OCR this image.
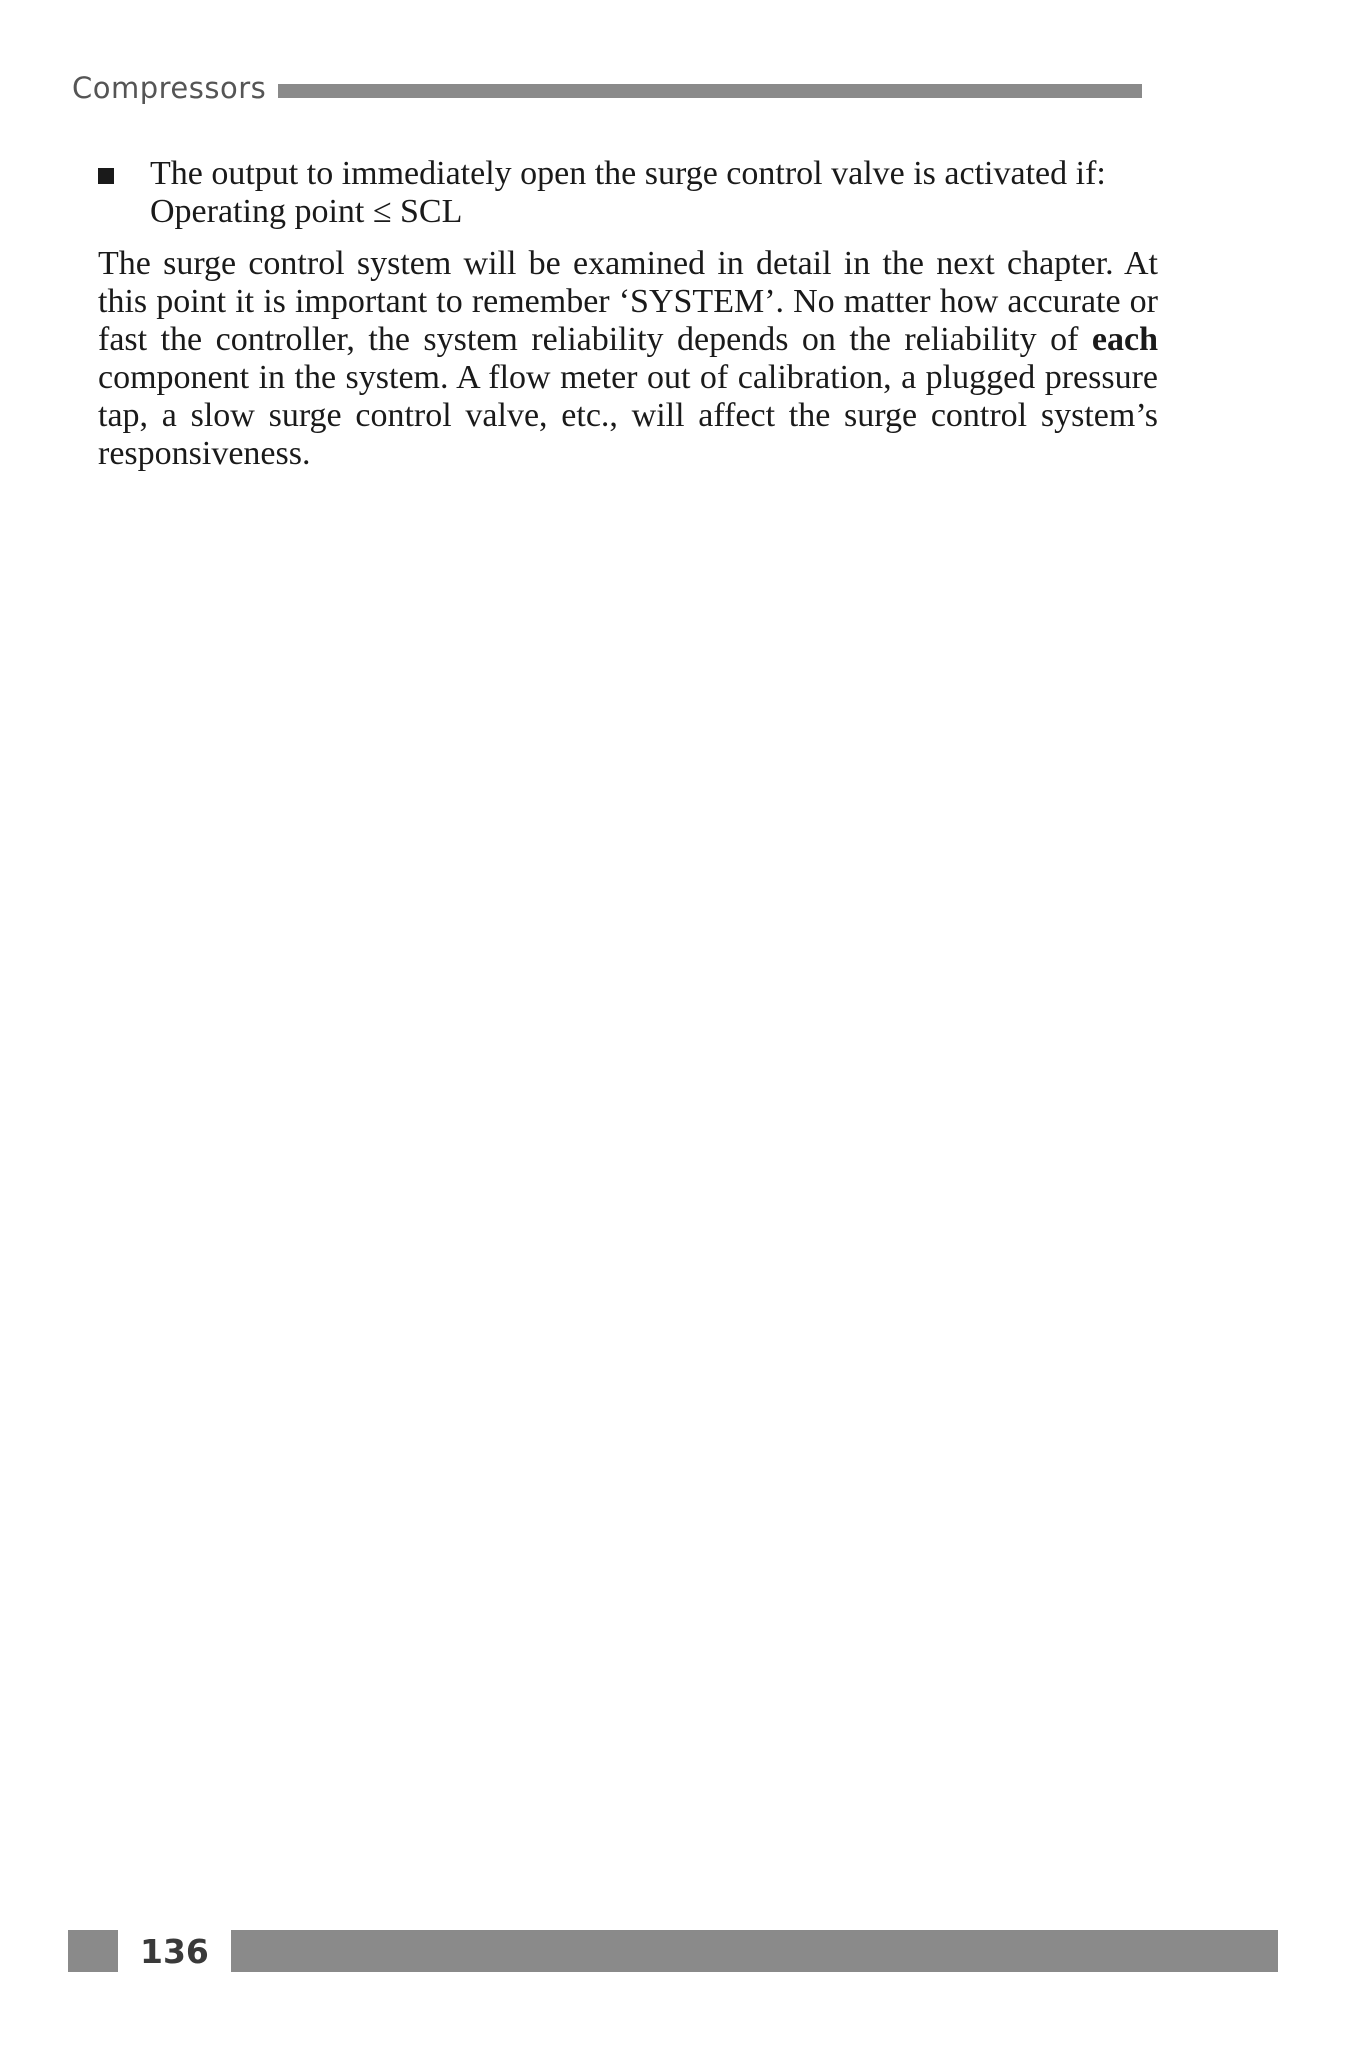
Compressors
The output to immediately open the surge control valve is activated if: Operating point ≤ SCL

The surge control system will be examined in detail in the next chapter. At this point it is important to remember ‘SYSTEM’. No matter how accurate or fast the controller, the system reliability depends on the reliability of each component in the system. A flow meter out of calibration, a plugged pressure tap, a slow surge control valve, etc., will affect the surge control system’s responsiveness.

136
